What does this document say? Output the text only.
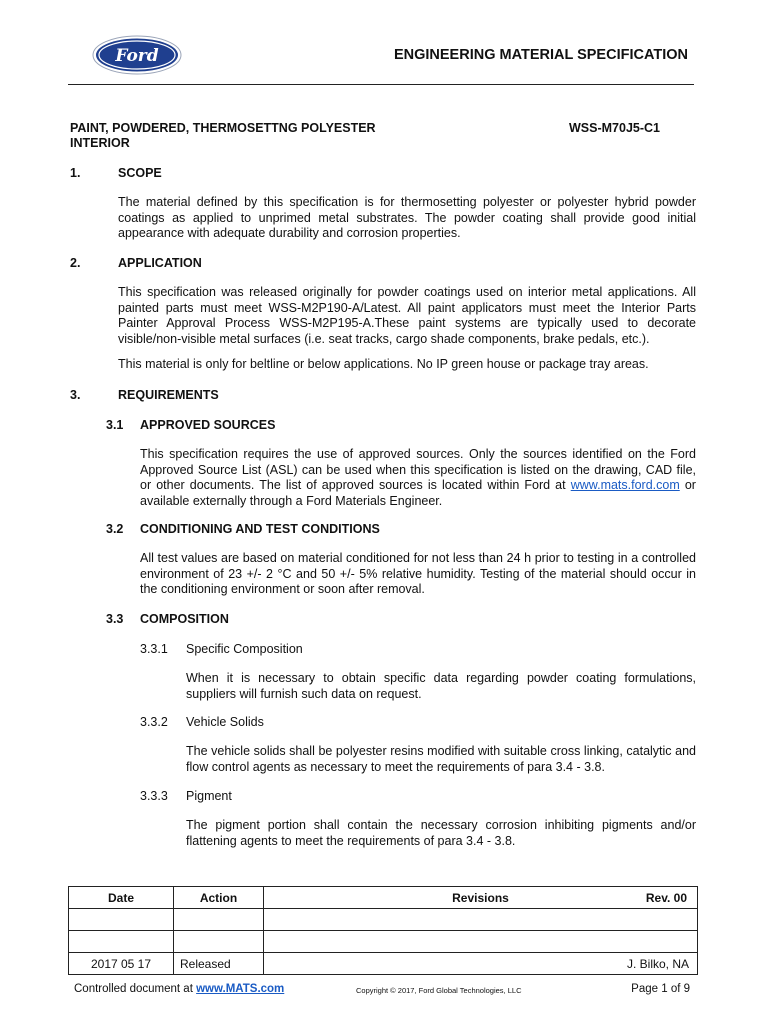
Ford	ENGINEERING MATERIAL SPECIFICATION
PAINT, POWDERED, THERMOSETTNG POLYESTER
INTERIOR
WSS-M70J5-C1
1.	SCOPE

The material defined by this specification is for thermosetting polyester or polyester hybrid powder coatings as applied to unprimed metal substrates. The powder coating shall provide good initial appearance with adequate durability and corrosion properties.

2.	APPLICATION

This specification was released originally for powder coatings used on interior metal applications. All painted parts must meet WSS-M2P190-A/Latest. All paint applicators must meet the Interior Parts Painter Approval Process WSS-M2P195-A.These paint systems are typically used to decorate visible/non-visible metal surfaces (i.e. seat tracks, cargo shade components, brake pedals, etc.).

This material is only for beltline or below applications. No IP green house or package tray areas.

3.	REQUIREMENTS
3.1 APPROVED SOURCES

This specification requires the use of approved sources. Only the sources identified on the Ford Approved Source List (ASL) can be used when this specification is listed on the drawing, CAD file, or other documents. The list of approved sources is located within Ford at www.mats.ford.com or available externally through a Ford Materials Engineer.

3.2 CONDITIONING AND TEST CONDITIONS

All test values are based on material conditioned for not less than 24 h prior to testing in a controlled environment of 23 +/- 2 °C and 50 +/- 5% relative humidity. Testing of the material should occur in the conditioning environment or soon after removal.

3.3 COMPOSITION
3.3.1 Specific Composition

When it is necessary to obtain specific data regarding powder coating formulations, suppliers will furnish such data on request.

3.3.2 Vehicle Solids

The vehicle solids shall be polyester resins modified with suitable cross linking, catalytic and flow control agents as necessary to meet the requirements of para 3.4 - 3.8.

3.3.3 Pigment

The pigment portion shall contain the necessary corrosion inhibiting pigments and/or flattening agents to meet the requirements of para 3.4 - 3.8.

Date	Action	Revisions Rev. 00

2017 05 17	Released	J. Bilko, NA
Controlled document at www.MATS.com	Copyright © 2017, Ford Global Technologies, LLC	Page 1 of 9
